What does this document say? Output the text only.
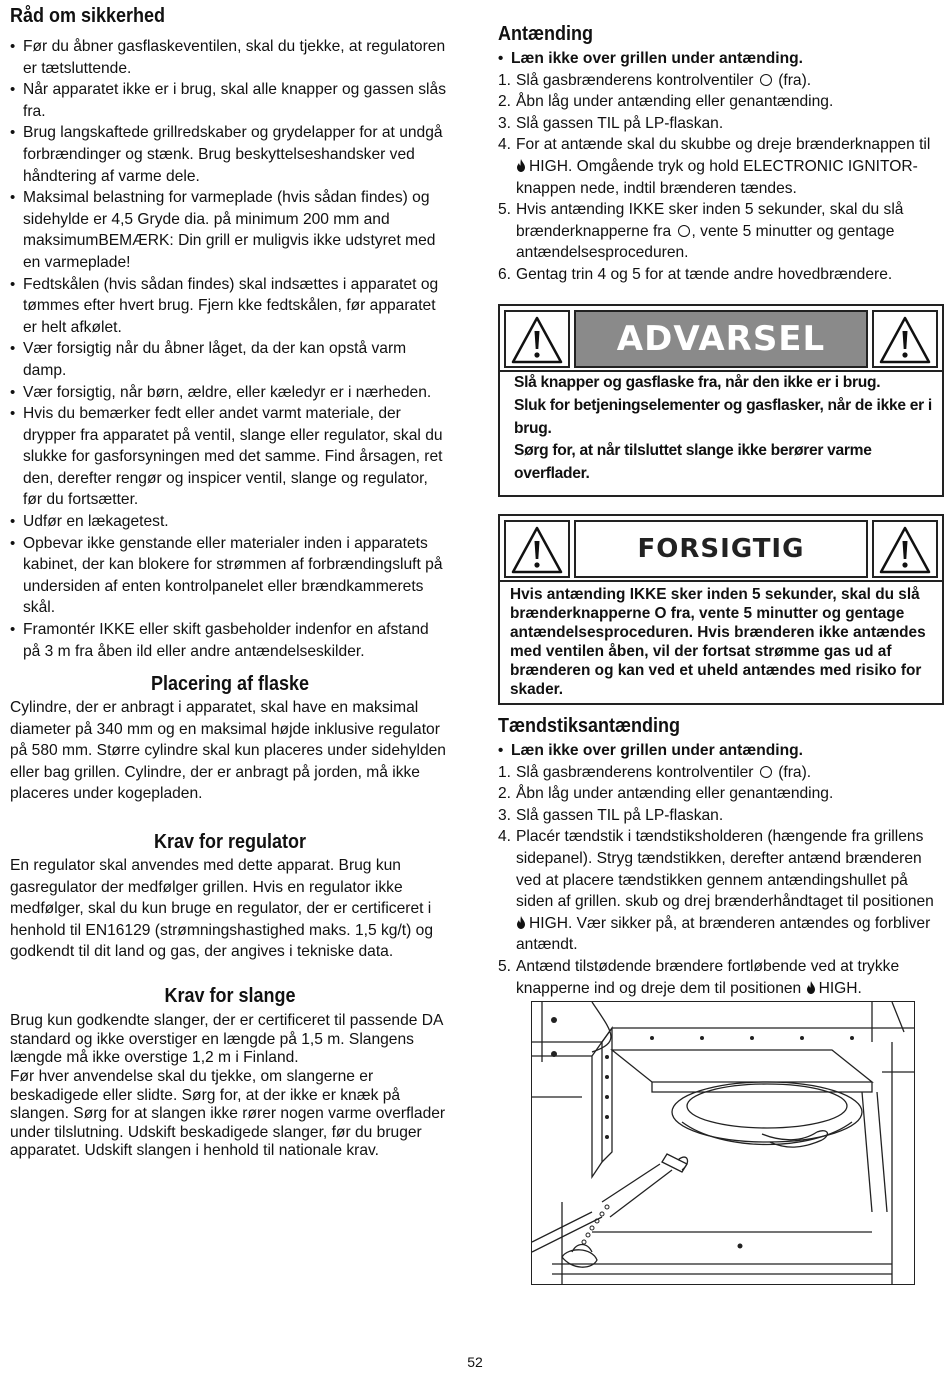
Råd om sikkerhed
• Før du åbner gasflaskeventilen, skal du tjekke, at regulatoren er tætsluttende.
• Når apparatet ikke er i brug, skal alle knapper og gassen slås fra.
• Brug langskaftede grillredskaber og grydelapper for at undgå forbrændinger og stænk. Brug beskyttelseshandsker ved håndtering af varme dele.
• Maksimal belastning for varmeplade (hvis sådan findes) og sidehylde er 4,5 Gryde dia. på minimum 200 mm and maksimumBEMÆRK: Din grill er muligvis ikke udstyret med en varmeplade!
• Fedtskålen (hvis sådan findes) skal indsættes i apparatet og tømmes efter hvert brug. Fjern kke fedtskålen, før apparatet er helt afkølet.
• Vær forsigtig når du åbner låget, da der kan opstå varm damp.
• Vær forsigtig, når børn, ældre, eller kæledyr er i nærheden.
• Hvis du bemærker fedt eller andet varmt materiale, der drypper fra apparatet på ventil, slange eller regulator, skal du slukke for gasforsyningen med det samme. Find årsagen, ret den, derefter rengør og inspicer ventil, slange og regulator, før du fortsætter.
• Udfør en lækagetest.
• Opbevar ikke genstande eller materialer inden i apparatets kabinet, der kan blokere for strømmen af forbrændingsluft på undersiden af enten kontrolpanelet eller brændkammerets skål.
• Framontér IKKE eller skift gasbeholder indenfor en afstand på 3 m fra åben ild eller andre antændelseskilder.
Placering af flaske

Cylindre, der er anbragt i apparatet, skal have en maksimal diameter på 340 mm og en maksimal højde inklusive regulator på 580 mm. Større cylindre skal kun placeres under sidehylden eller bag grillen. Cylindre, der er anbragt på jorden, må ikke placeres under kogepladen.

Krav for regulator

En regulator skal anvendes med dette apparat. Brug kun gasregulator der medfølger grillen. Hvis en regulator ikke medfølger, skal du kun bruge en regulator, der er certificeret i henhold til EN16129 (strømningshastighed maks. 1,5 kg/t) og godkendt til dit land og gas, der angives i tekniske data.

Krav for slange

Brug kun godkendte slanger, der er certificeret til passende DA standard og ikke overstiger en længde på 1,5 m. Slangens længde må ikke overstige 1,2 m i Finland.

Før hver anvendelse skal du tjekke, om slangerne er beskadigede eller slidte. Sørg for, at der ikke er knæk på slangen. Sørg for at slangen ikke rører nogen varme overflader under tilslutning. Udskift beskadigede slanger, før du bruger apparatet. Udskift slangen i henhold til nationale krav.

Antænding
• Læn ikke over grillen under antænding.
1. Slå gasbrænderens kontrolventiler (fra).
2. Åbn låg under antænding eller genantænding.
3. Slå gassen TIL på LP-flaskan.
4. For at antænde skal du skubbe og dreje brænderknappen til HIGH. Omgående tryk og hold ELECTRONIC IGNITOR-knappen nede, indtil brænderen tændes.
5. Hvis antænding IKKE sker inden 5 sekunder, skal du slå brænderknapperne fra , vente 5 minutter og gentage antændelsesproceduren.
6. Gentag trin 4 og 5 for at tænde andre hovedbrændere.
ADVARSEL

Slå knapper og gasflaske fra, når den ikke er i brug.

Sluk for betjeningselementer og gasflasker, når de ikke er i brug.

Sørg for, at når tilsluttet slange ikke berører varme overflader.

FORSIGTIG

Hvis antænding IKKE sker inden 5 sekunder, skal du slå brænderknapperne O fra, vente 5 minutter og gentage antændelsesproceduren. Hvis brænderen ikke antændes med ventilen åben, vil der fortsat strømme gas ud af brænderen og kan ved et uheld antændes med risiko for skader.

Tændstiksantænding
• Læn ikke over grillen under antænding.
1. Slå gasbrænderens kontrolventiler (fra).
2. Åbn låg under antænding eller genantænding.
3. Slå gassen TIL på LP-flaskan.
4. Placér tændstik i tændstiksholderen (hængende fra grillens sidepanel). Stryg tændstikken, derefter antænd brænderen ved at placere tændstikken gennem antændingshullet på siden af grillen. skub og drej brænderhåndtaget til positionen HIGH. Vær sikker på, at brænderen antændes og forbliver antændt.
5. Antænd tilstødende brændere fortløbende ved at trykke knapperne ind og dreje dem til positionen HIGH.
52
